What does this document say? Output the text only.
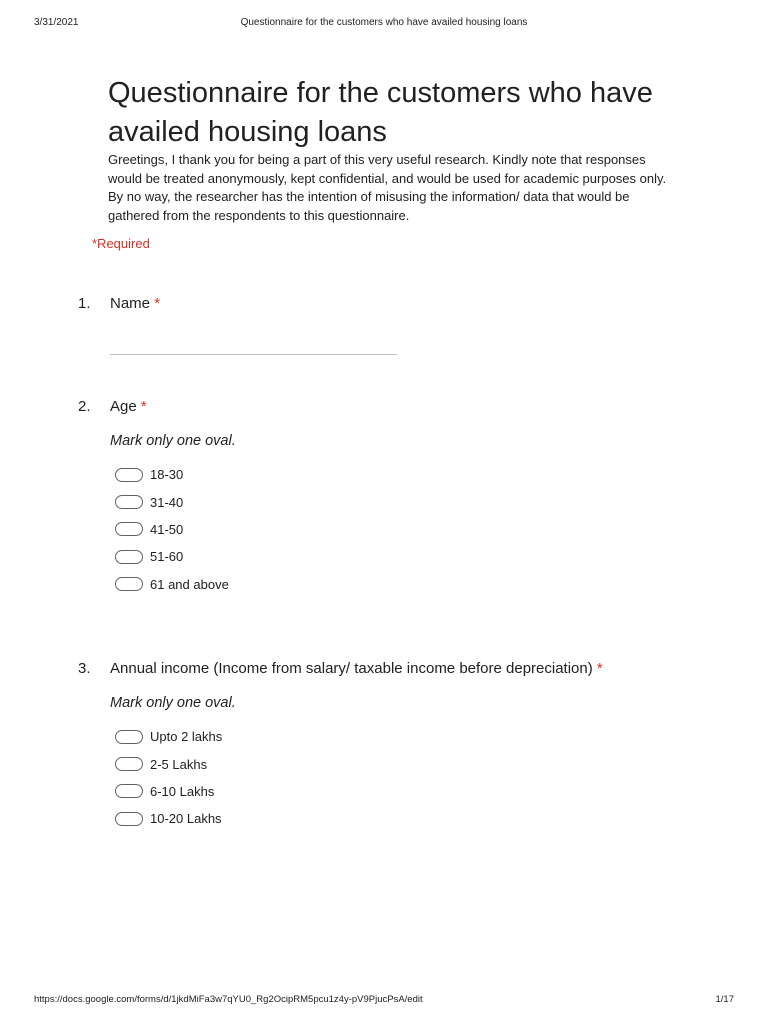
3/31/2021	Questionnaire for the customers who have availed housing loans
Questionnaire for the customers who have availed housing loans

Greetings, I thank you for being a part of this very useful research. Kindly note that responses would be treated anonymously, kept confidential, and would be used for academic purposes only. By no way, the researcher has the intention of misusing the information/ data that would be gathered from the respondents to this questionnaire.

*Required
1. Name *
2. Age *
Mark only one oval.
18-30
31-40
41-50
51-60
61 and above
3. Annual income (Income from salary/ taxable income before depreciation) *
Mark only one oval.
Upto 2 lakhs
2-5 Lakhs
6-10 Lakhs
10-20 Lakhs
https://docs.google.com/forms/d/1jkdMiFa3w7qYU0_Rg2OcipRM5pcu1z4y-pV9PjucPsA/edit	1/17
